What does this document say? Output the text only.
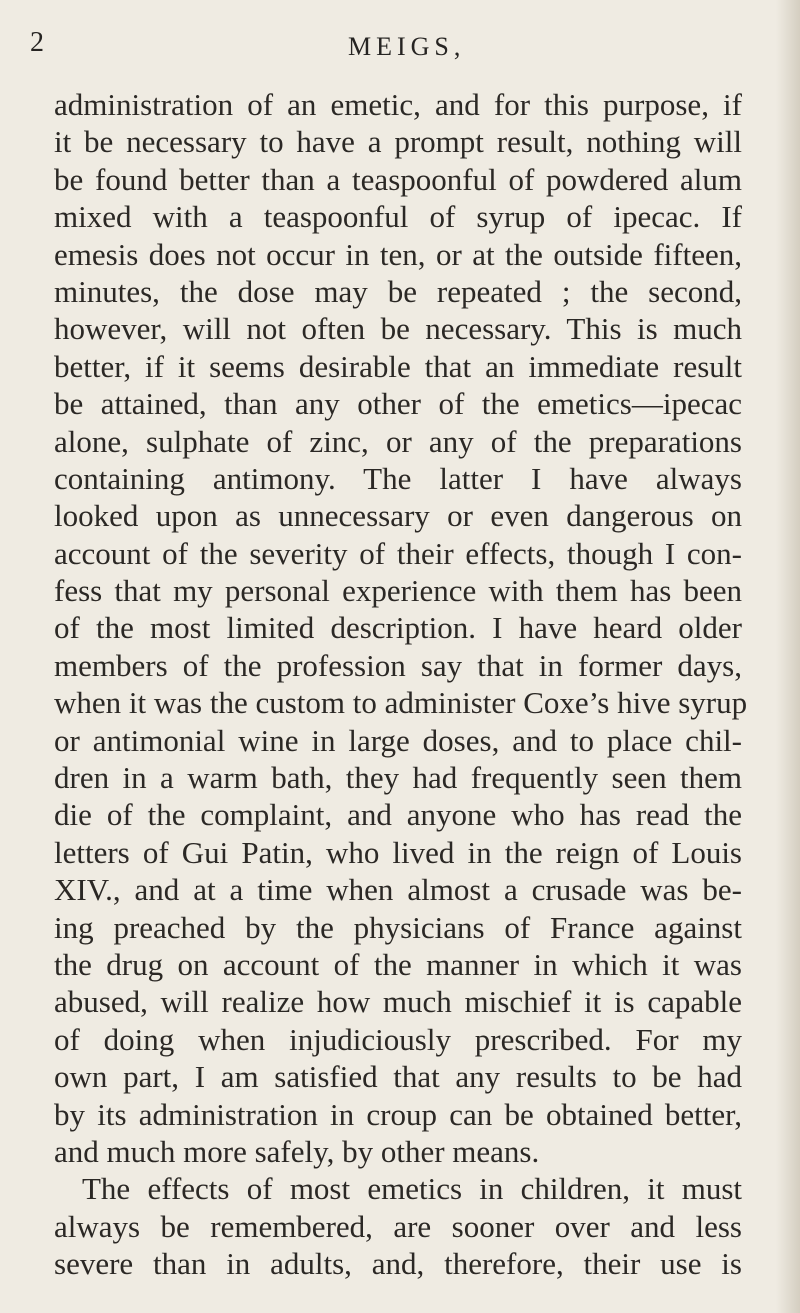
2	MEIGS,
administration of an emetic, and for this purpose, if
it be necessary to have a prompt result, nothing will
be found better than a teaspoonful of powdered alum
mixed with a teaspoonful of syrup of ipecac. If
emesis does not occur in ten, or at the outside fifteen,
minutes, the dose may be repeated ; the second,
however, will not often be necessary. This is much
better, if it seems desirable that an immediate result
be attained, than any other of the emetics—ipecac
alone, sulphate of zinc, or any of the preparations
containing antimony. The latter I have always
looked upon as unnecessary or even dangerous on
account of the severity of their effects, though I con-
fess that my personal experience with them has been
of the most limited description. I have heard older
members of the profession say that in former days,
when it was the custom to administer Coxe’s hive syrup
or antimonial wine in large doses, and to place chil-
dren in a warm bath, they had frequently seen them
die of the complaint, and anyone who has read the
letters of Gui Patin, who lived in the reign of Louis
XIV., and at a time when almost a crusade was be-
ing preached by the physicians of France against
the drug on account of the manner in which it was
abused, will realize how much mischief it is capable
of doing when injudiciously prescribed. For my
own part, I am satisfied that any results to be had
by its administration in croup can be obtained better,
and much more safely, by other means.
The effects of most emetics in children, it must
always be remembered, are sooner over and less
severe than in adults, and, therefore, their use is
